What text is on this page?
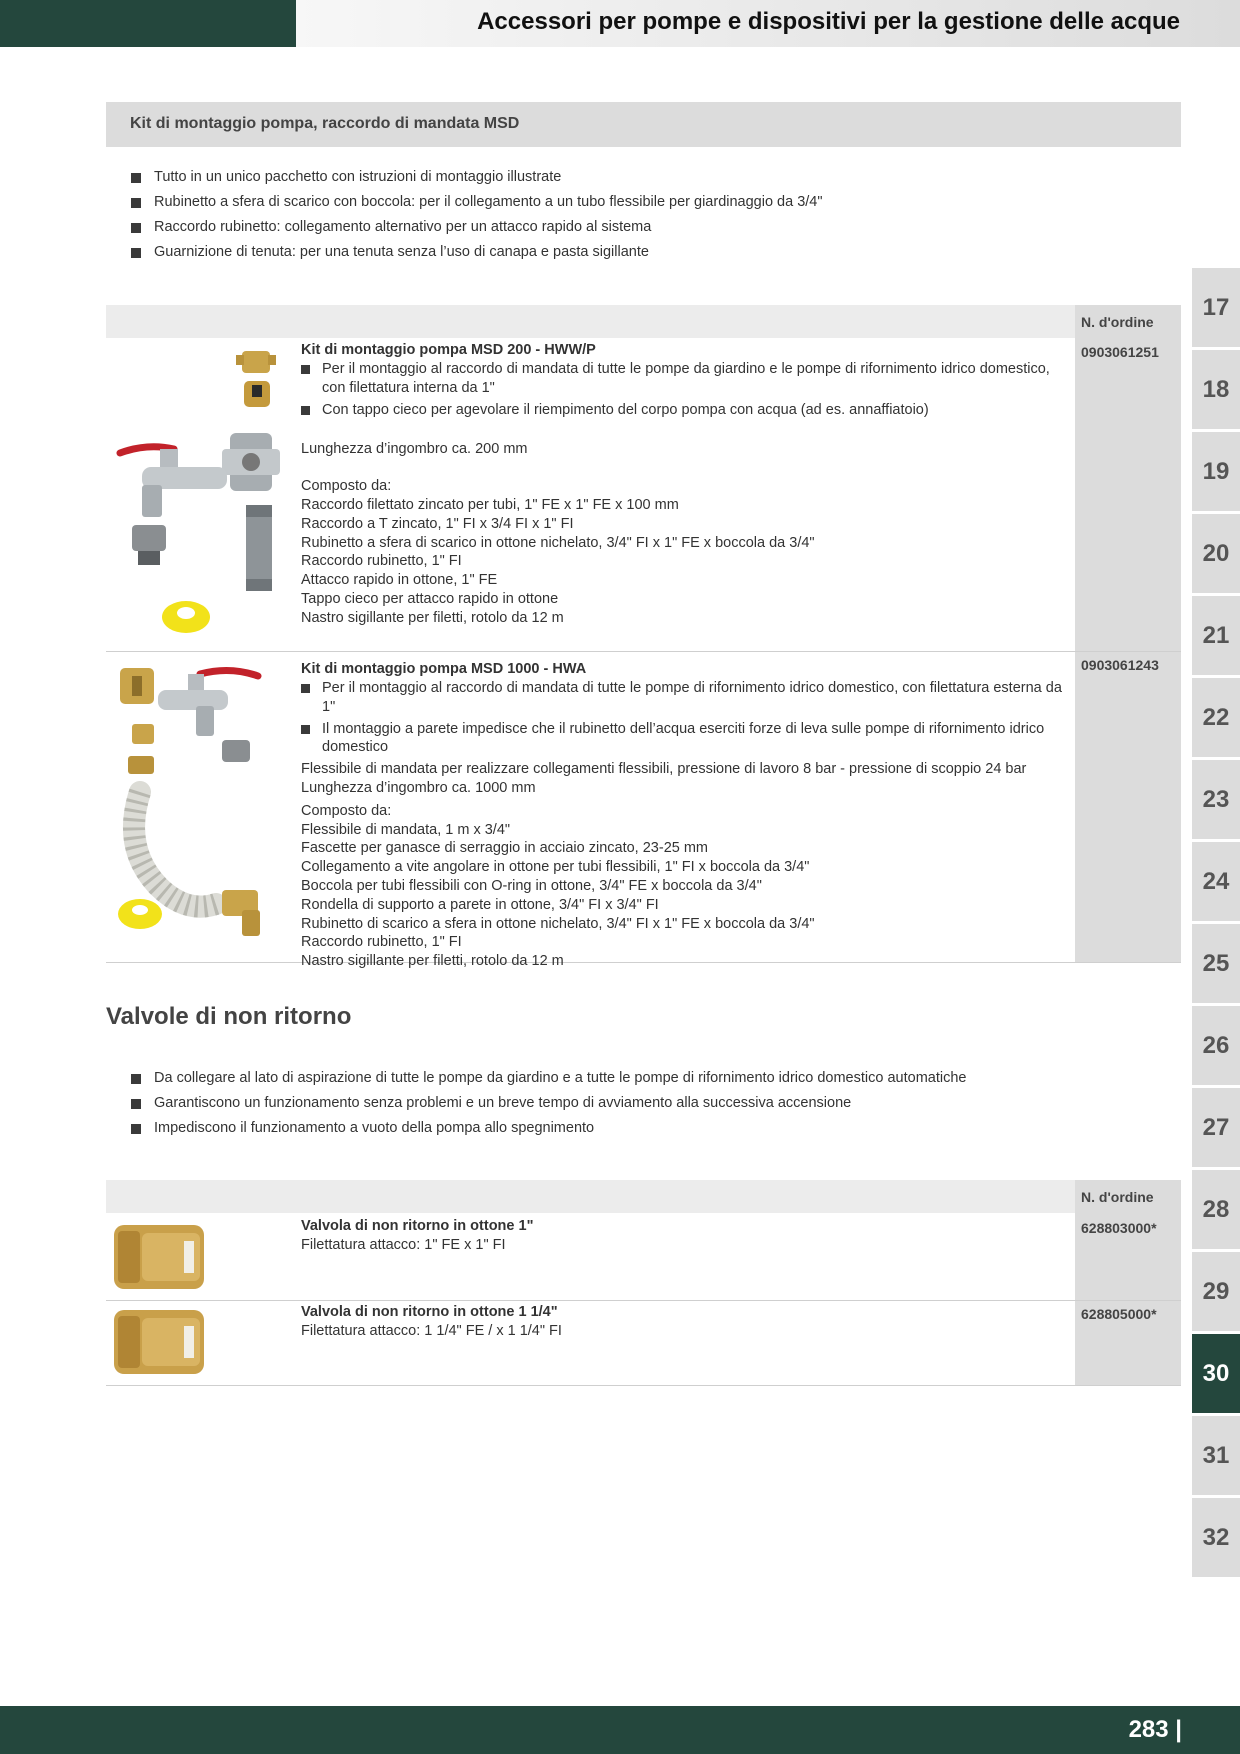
Accessori per pompe e dispositivi per la gestione delle acque
Kit di montaggio pompa, raccordo di mandata MSD
Tutto in un unico pacchetto con istruzioni di montaggio illustrate
Rubinetto a sfera di scarico con boccola: per il collegamento a un tubo flessibile per giardinaggio da 3/4"
Raccordo rubinetto: collegamento alternativo per un attacco rapido al sistema
Guarnizione di tenuta: per una tenuta senza l’uso di canapa e pasta sigillante
N. d'ordine
Kit di montaggio pompa MSD 200 - HWW/P
Per il montaggio al raccordo di mandata di tutte le pompe da giardino e le pompe di rifornimento idrico domestico, con filettatura interna da 1"
Con tappo cieco per agevolare il riempimento del corpo pompa con acqua (ad es. annaffiatoio)
Lunghezza d’ingombro ca. 200 mm
Composto da:
Raccordo filettato zincato per tubi, 1" FE x 1" FE x 100 mm
Raccordo a T zincato, 1" FI x 3/4 FI x 1" FI
Rubinetto a sfera di scarico in ottone nichelato, 3/4" FI x 1" FE x boccola da 3/4"
Raccordo rubinetto, 1" FI
Attacco rapido in ottone, 1" FE
Tappo cieco per attacco rapido in ottone
Nastro sigillante per filetti, rotolo da 12 m
0903061251
Kit di montaggio pompa MSD 1000 - HWA
Per il montaggio al raccordo di mandata di tutte le pompe di rifornimento idrico domestico, con filettatura esterna da 1"
Il montaggio a parete impedisce che il rubinetto dell’acqua eserciti forze di leva sulle pompe di rifornimento idrico domestico
Flessibile di mandata per realizzare collegamenti flessibili, pressione di lavoro 8 bar - pressione di scoppio 24 bar
Lunghezza d’ingombro ca. 1000 mm
Composto da:
Flessibile di mandata, 1 m x 3/4"
Fascette per ganasce di serraggio in acciaio zincato, 23-25 mm
Collegamento a vite angolare in ottone per tubi flessibili, 1" FI x boccola da 3/4"
Boccola per tubi flessibili con O-ring in ottone, 3/4" FE x boccola da 3/4"
Rondella di supporto a parete in ottone, 3/4" FI x 3/4" FI
Rubinetto di scarico a sfera in ottone nichelato, 3/4" FI x 1" FE x boccola da 3/4"
Raccordo rubinetto, 1" FI
Nastro sigillante per filetti, rotolo da 12 m
0903061243
Valvole di non ritorno
Da collegare al lato di aspirazione di tutte le pompe da giardino e a tutte le pompe di rifornimento idrico domestico automatiche
Garantiscono un funzionamento senza problemi e un breve tempo di avviamento alla successiva accensione
Impediscono il funzionamento a vuoto della pompa allo spegnimento
N. d'ordine
Valvola di non ritorno in ottone 1"
Filettatura attacco: 1" FE x 1" FI
628803000*
Valvola di non ritorno in ottone 1 1/4"
Filettatura attacco: 1 1/4" FE / x 1 1/4" FI
628805000*
17
18
19
20
21
22
23
24
25
26
27
28
29
30
31
32
283 |
